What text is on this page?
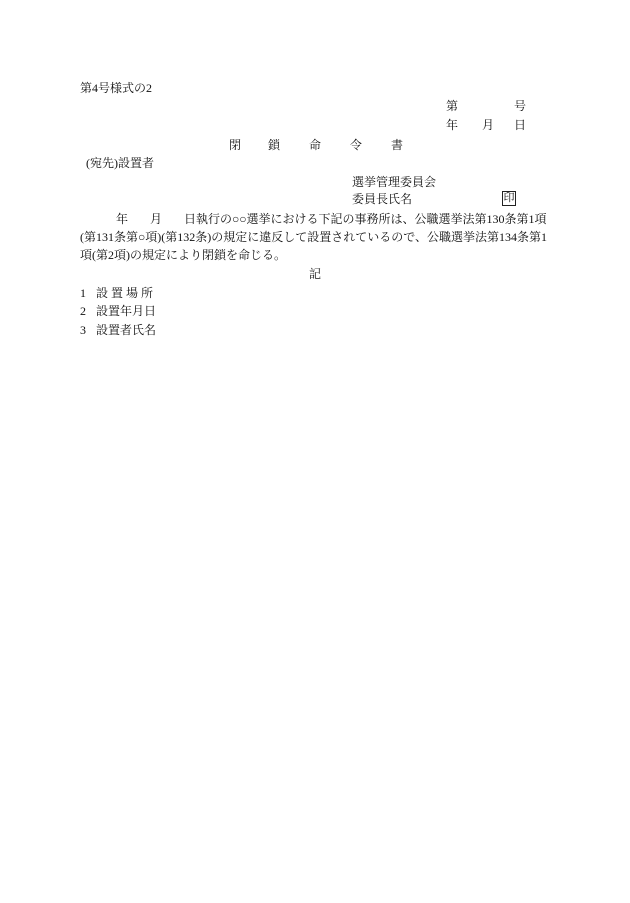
第4号様式の2
第	号
年 月 日
閉 鎖 命 令 書
(宛先)設置者
選挙管理委員会
委員長氏名	印
年 月 日執行の○○選挙における下記の事務所は、公職選挙法第130条第1項
(第131条第○項)(第132条)の規定に違反して設置されているので、公職選挙法第134条第1
項(第2項)の規定により閉鎖を命じる。
記
1 設 置 場 所
2 設置年月日
3 設置者氏名
